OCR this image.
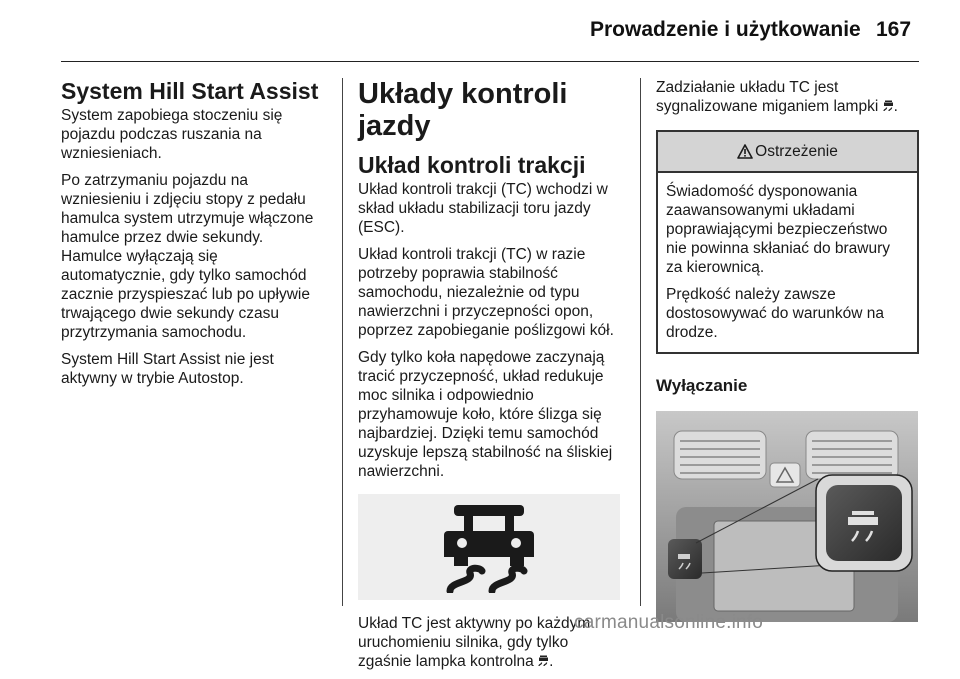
Prowadzenie i użytkowanie 167
System Hill Start Assist

System zapobiega stoczeniu się
pojazdu podczas ruszania na
wzniesieniach.

Po zatrzymaniu pojazdu na
wzniesieniu i zdjęciu stopy z pedału
hamulca system utrzymuje włączone
hamulce przez dwie sekundy.
Hamulce wyłączają się
automatycznie, gdy tylko samochód
zacznie przyspieszać lub po upływie
trwającego dwie sekundy czasu
przytrzymania samochodu.

System Hill Start Assist nie jest
aktywny w trybie Autostop.

Układy kontroli jazdy
Układ kontroli trakcji

Układ kontroli trakcji (TC) wchodzi w
skład układu stabilizacji toru jazdy
(ESC).

Układ kontroli trakcji (TC) w razie
potrzeby poprawia stabilność
samochodu, niezależnie od typu
nawierzchni i przyczepności opon,
poprzez zapobieganie poślizgowi kół.

Gdy tylko koła napędowe zaczynają
tracić przyczepność, układ redukuje
moc silnika i odpowiednio
przyhamowuje koło, które ślizga się
najbardziej. Dzięki temu samochód
uzyskuje lepszą stabilność na śliskiej
nawierzchni.

Układ TC jest aktywny po każdym
uruchomieniu silnika, gdy tylko
zgaśnie lampka kontrolna .

Zadziałanie układu TC jest
sygnalizowane miganiem lampki .

Ostrzeżenie

Świadomość dysponowania
zaawansowanymi układami
poprawiającymi bezpieczeństwo
nie powinna skłaniać do brawury
za kierownicą.

Prędkość należy zawsze
dostosowywać do warunków na
drodze.

Wyłączanie
carmanualsonline.info
